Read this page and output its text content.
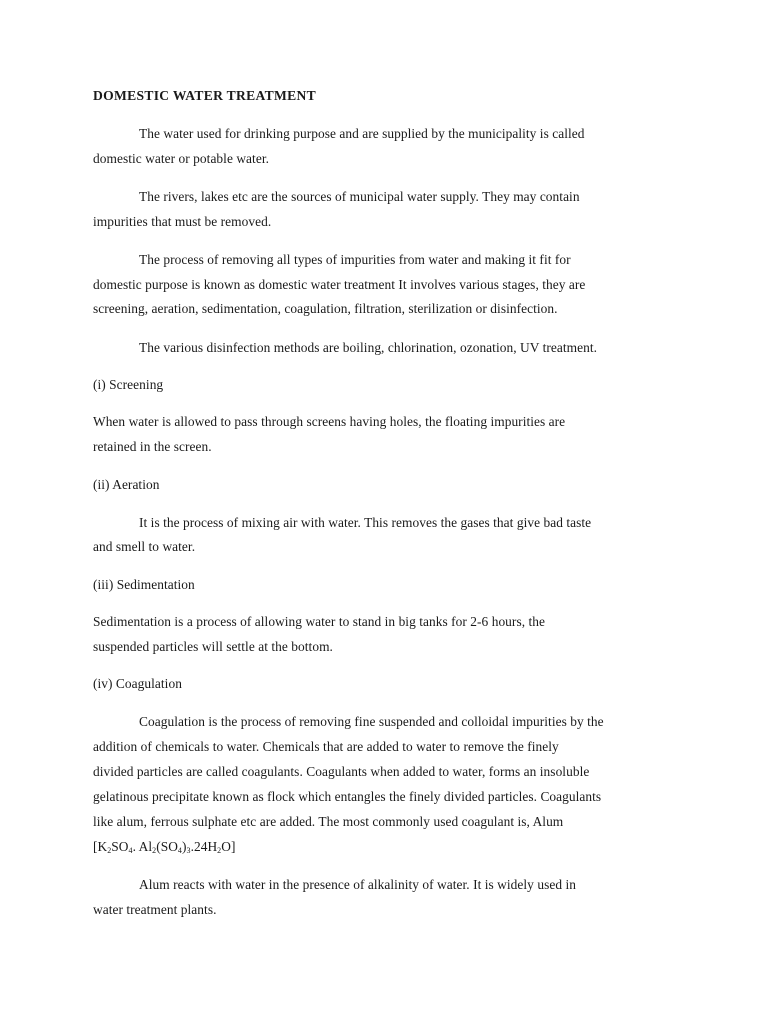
DOMESTIC WATER TREATMENT
The water used for drinking purpose and are supplied by the municipality is called
domestic water or potable water.
The rivers, lakes etc are the sources of municipal water supply. They may contain
impurities that must be removed.
The process of removing all types of impurities from water and making it fit for
domestic purpose is known as domestic water treatment It involves various stages, they are
screening, aeration, sedimentation, coagulation, filtration, sterilization or disinfection.
The various disinfection methods are boiling, chlorination, ozonation, UV treatment.
(i) Screening
When water is allowed to pass through screens having holes, the floating impurities are
retained in the screen.
(ii) Aeration
It is the process of mixing air with water. This removes the gases that give bad taste
and smell to water.
(iii) Sedimentation
Sedimentation is a process of allowing water to stand in big tanks for 2-6 hours, the
suspended particles will settle at the bottom.
(iv) Coagulation
Coagulation is the process of removing fine suspended and colloidal impurities by the
addition of chemicals to water. Chemicals that are added to water to remove the finely
divided particles are called coagulants. Coagulants when added to water, forms an insoluble
gelatinous precipitate known as flock which entangles the finely divided particles. Coagulants
like alum, ferrous sulphate etc are added. The most commonly used coagulant is, Alum
[$K_2SO_4$. $Al_2(SO_4)_3.24H_2O$]
Alum reacts with water in the presence of alkalinity of water. It is widely used in
water treatment plants.
